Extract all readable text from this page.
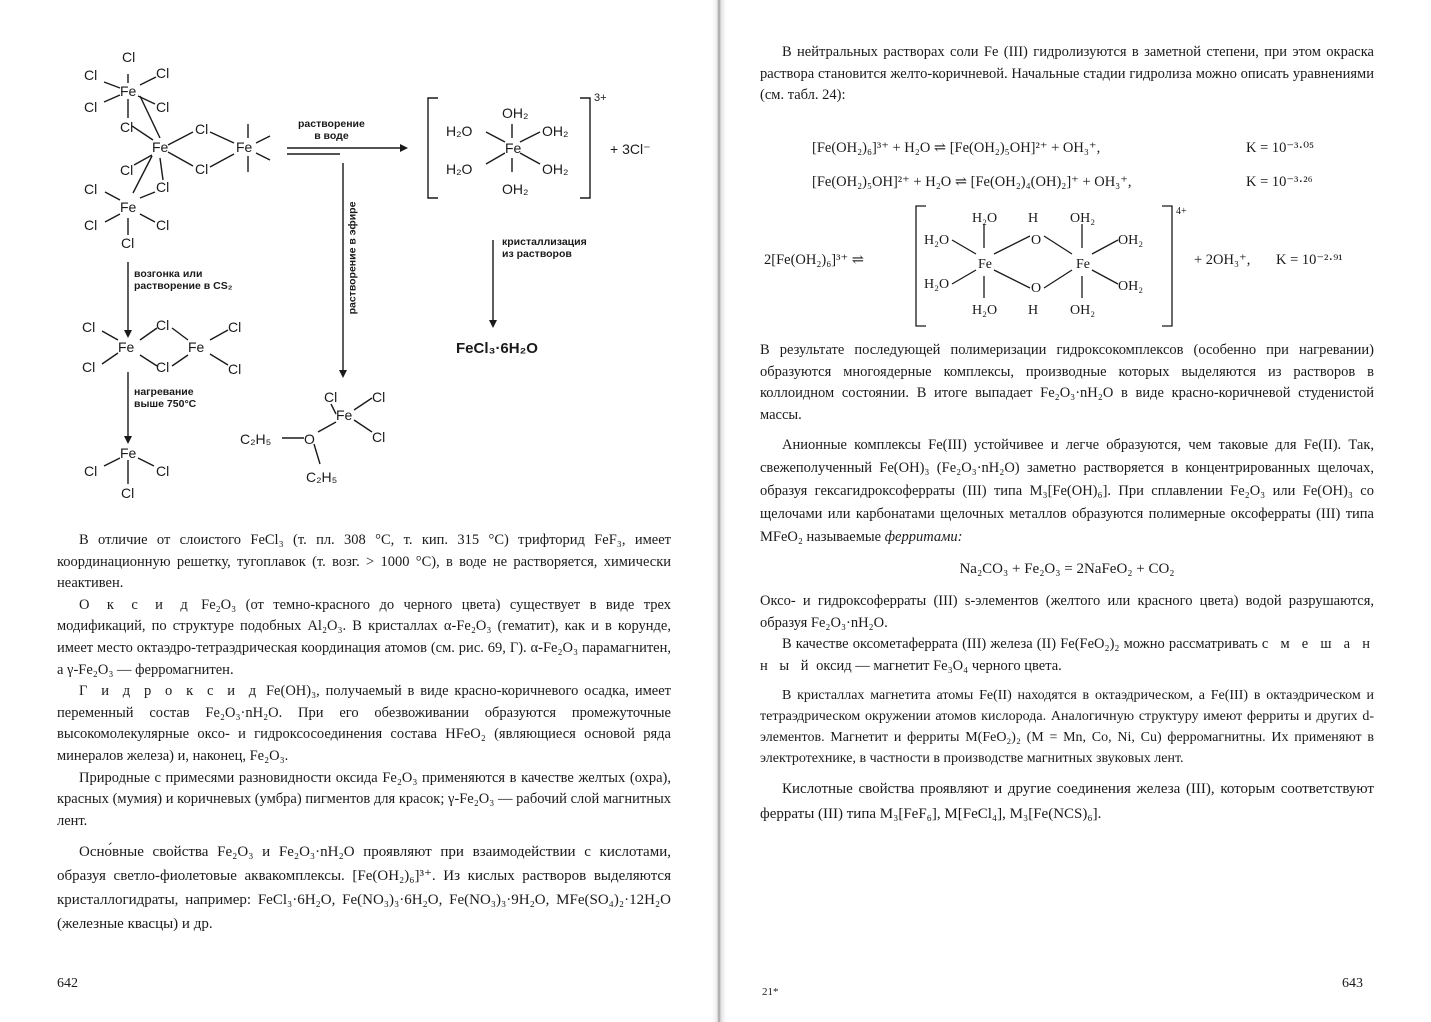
Cl
Cl	Cl
Fe
Cl	Cl
Cl
Fe
Cl
Cl
Fe
Cl
Cl
Cl
Fe
Cl	Cl
Cl
Cl	Cl	Cl
Fe	Fe
Cl	Cl	Cl
Fe
Cl	Cl
Cl
Cl Cl
Fe
Cl
C₂H₅ O
C₂H₅
OH₂
H₂O	OH₂
Fe
H₂O	OH₂
OH₂
растворение
в воде
возгонка или
растворение в CS₂	растворение в эфире
нагревание
выше 750°C
кристаллизация
из растворов
3+
+ 3Cl⁻
FeCl₃·6H₂O

В отличие от слоистого FeCl₃ (т. пл. 308 °С, т. кип. 315 °С) трифторид FeF₃, имеет координационную решетку, тугоплавок (т. возг. > 1000 °С), в воде не растворяется, химически неактивен.

О к с и д Fe₂O₃ (от темно-красного до черного цвета) существует в виде трех модификаций, по структуре подобных Al₂O₃. В кристаллах α-Fe₂O₃ (гематит), как и в корунде, имеет место октаэдро-тетраэдрическая координация атомов (см. рис. 69, Г). α-Fe₂O₃ парамагнитен, а γ-Fe₂O₃ — ферромагнитен.

Г и д р о к с и д Fe(OH)₃, получаемый в виде красно-коричневого осадка, имеет переменный состав Fe₂O₃·nH₂O. При его обезвоживании образуются промежуточные высокомолекулярные оксо- и гидроксосоединения состава HFeO₂ (являющиеся основой ряда минералов железа) и, наконец, Fe₂O₃.

Природные с примесями разновидности оксида Fe₂O₃ применяются в качестве желтых (охра), красных (мумия) и коричневых (умбра) пигментов для красок; γ-Fe₂O₃ — рабочий слой магнитных лент.

Осно́вные свойства Fe₂O₃ и Fe₂O₃·nH₂O проявляют при взаимодействии с кислотами, образуя светло-фиолетовые аквакомплексы. [Fe(OH₂)₆]³⁺. Из кислых растворов выделяются кристаллогидраты, например: FeCl₃·6H₂O, Fe(NO₃)₃·6H₂O, Fe(NO₃)₃·9H₂O, MFe(SO₄)₂·12H₂O (железные квасцы) и др.

642

В нейтральных растворах соли Fe (III) гидролизуются в заметной степени, при этом окраска раствора становится желто-коричневой. Начальные стадии гидролиза можно описать уравнениями (см. табл. 24):

[Fe(OH₂)₆]³⁺ + H₂O ⇌ [Fe(OH₂)₅OH]²⁺ + OH₃⁺,	K = 10⁻³·⁰⁵
[Fe(OH₂)₅OH]²⁺ + H₂O ⇌ [Fe(OH₂)₄(OH)₂]⁺ + OH₃⁺,	K = 10⁻³·²⁶
2[Fe(OH₂)₆]³⁺ ⇌
H₂O H OH₂
H₂O	O	OH₂
Fe	Fe
H₂O	O	OH₂
H₂O H OH₂
4+
+ 2OH₃⁺, K = 10⁻²·⁹¹

В результате последующей полимеризации гидроксокомплексов (особенно при нагревании) образуются многоядерные комплексы, производные которых выделяются из растворов в коллоидном состоянии. В итоге выпадает Fe₂O₃·nH₂O в виде красно-коричневой студенистой массы.

Анионные комплексы Fe(III) устойчивее и легче образуются, чем таковые для Fe(II). Так, свежеполученный Fe(OH)₃ (Fe₂O₃·nH₂O) заметно растворяется в концентрированных щелочах, образуя гексагидроксоферраты (III) типа M₃[Fe(OH)₆]. При сплавлении Fe₂O₃ или Fe(OH)₃ со щелочами или карбонатами щелочных металлов образуются полимерные оксоферраты (III) типа MFeO₂ называемые ферритами:

Na₂CO₃ + Fe₂O₃ = 2NaFeO₂ + CO₂

Оксо- и гидроксоферраты (III) s-элементов (желтого или красного цвета) водой разрушаются, образуя Fe₂O₃·nH₂O.

В качестве оксометаферрата (III) железа (II) Fe(FeO₂)₂ можно рассматривать с м е ш а н н ы й оксид — магнетит Fe₃O₄ черного цвета.

В кристаллах магнетита атомы Fe(II) находятся в октаэдрическом, а Fe(III) в октаэдрическом и тетраэдрическом окружении атомов кислорода. Аналогичную структуру имеют ферриты и других d-элементов. Магнетит и ферриты M(FeO₂)₂ (M = Mn, Co, Ni, Cu) ферромагнитны. Их применяют в электротехнике, в частности в производстве магнитных звуковых лент.

Кислотные свойства проявляют и другие соединения железа (III), которым соответствуют ферраты (III) типа M₃[FeF₆], M[FeCl₄], M₃[Fe(NCS)₆].

21*
643
